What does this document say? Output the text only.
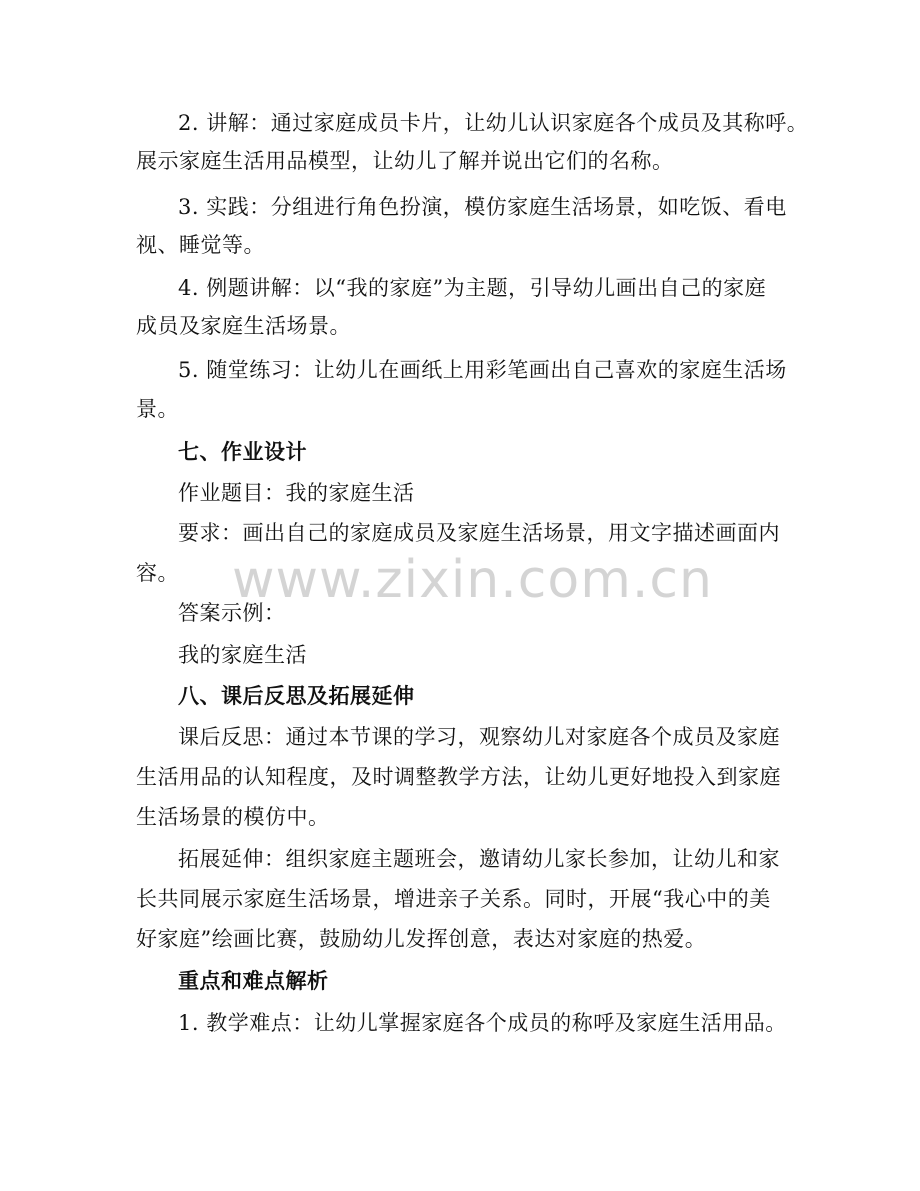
2. 讲解：通过家庭成员卡片，让幼儿认识家庭各个成员及其称呼。
展示家庭生活用品模型，让幼儿了解并说出它们的名称。
3. 实践：分组进行角色扮演，模仿家庭生活场景，如吃饭、看电
视、睡觉等。
4. 例题讲解：以“我的家庭”为主题，引导幼儿画出自己的家庭
成员及家庭生活场景。
5. 随堂练习：让幼儿在画纸上用彩笔画出自己喜欢的家庭生活场
景。
七、作业设计
作业题目：我的家庭生活
要求：画出自己的家庭成员及家庭生活场景，用文字描述画面内
容。
答案示例：
我的家庭生活
八、课后反思及拓展延伸
课后反思：通过本节课的学习，观察幼儿对家庭各个成员及家庭
生活用品的认知程度，及时调整教学方法，让幼儿更好地投入到家庭
生活场景的模仿中。
拓展延伸：组织家庭主题班会，邀请幼儿家长参加，让幼儿和家
长共同展示家庭生活场景，增进亲子关系。同时，开展“我心中的美
好家庭”绘画比赛，鼓励幼儿发挥创意，表达对家庭的热爱。
重点和难点解析
1. 教学难点：让幼儿掌握家庭各个成员的称呼及家庭生活用品。
www.zixin.com.cn
